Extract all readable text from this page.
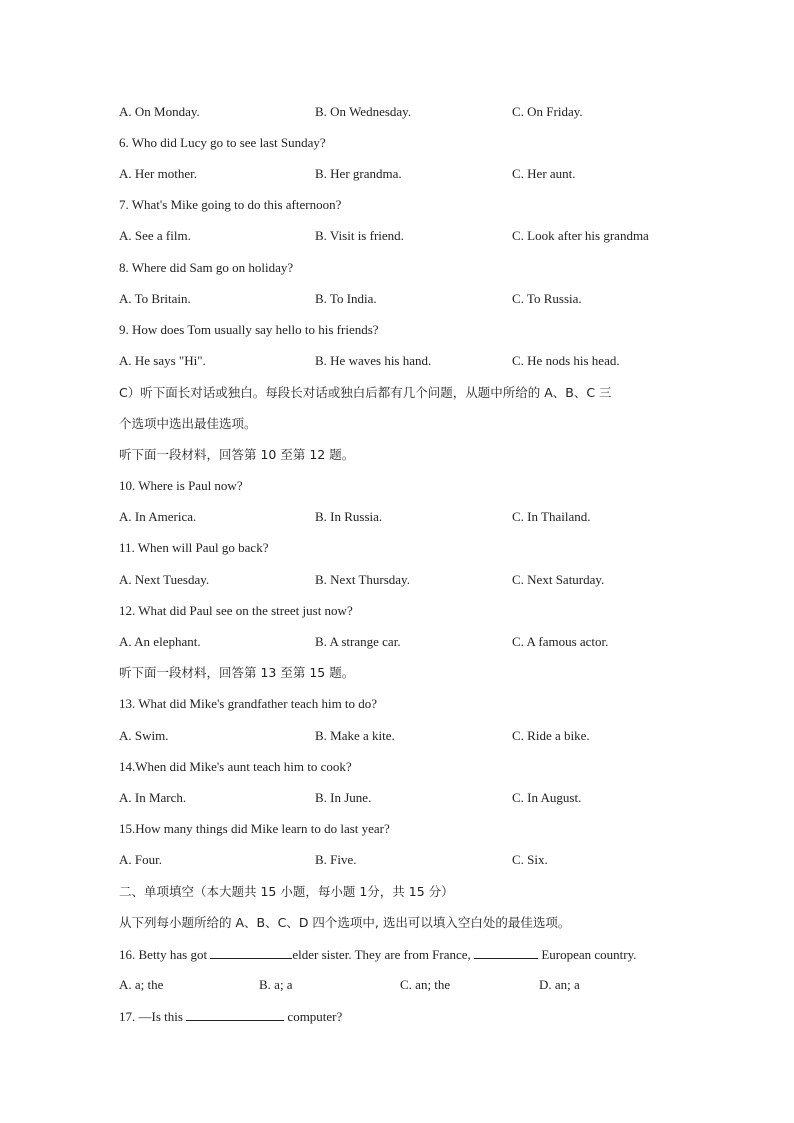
A. On Monday.	B. On Wednesday.	C. On Friday.
6. Who did Lucy go to see last Sunday?
A. Her mother.	B. Her grandma.	C. Her aunt.
7. What's Mike going to do this afternoon?
A. See a film.	B. Visit is friend.	C. Look after his grandma
8. Where did Sam go on holiday?
A. To Britain.	B. To India.	C. To Russia.
9. How does Tom usually say hello to his friends?
A. He says "Hi".	B. He waves his hand.	C. He nods his head.
C）听下面长对话或独白。每段长对话或独白后都有几个问题，从题中所给的 A、B、C 三
个选项中选出最佳选项。
听下面一段材料，回答第 10 至第 12 题。
10. Where is Paul now?
A. In America.	B. In Russia.	C. In Thailand.
11. When will Paul go back?
A. Next Tuesday.	B. Next Thursday.	C. Next Saturday.
12. What did Paul see on the street just now?
A. An elephant.	B. A strange car.	C. A famous actor.
听下面一段材料，回答第 13 至第 15 题。
13. What did Mike's grandfather teach him to do?
A. Swim.	B. Make a kite.	C. Ride a bike.
14.When did Mike's aunt teach him to cook?
A. In March.	B. In June.	C. In August.
15.How many things did Mike learn to do last year?
A. Four.	B. Five.	C. Six.
二、单项填空（本大题共 15 小题，每小题 1分，共 15 分）
从下列每小题所给的 A、B、C、D 四个选项中, 选出可以填入空白处的最佳选项。
16. Betty has got	elder sister. They are from France,	European country.
A. a; the	B. a; a	C. an; the	D. an; a
17. —Is this	computer?
